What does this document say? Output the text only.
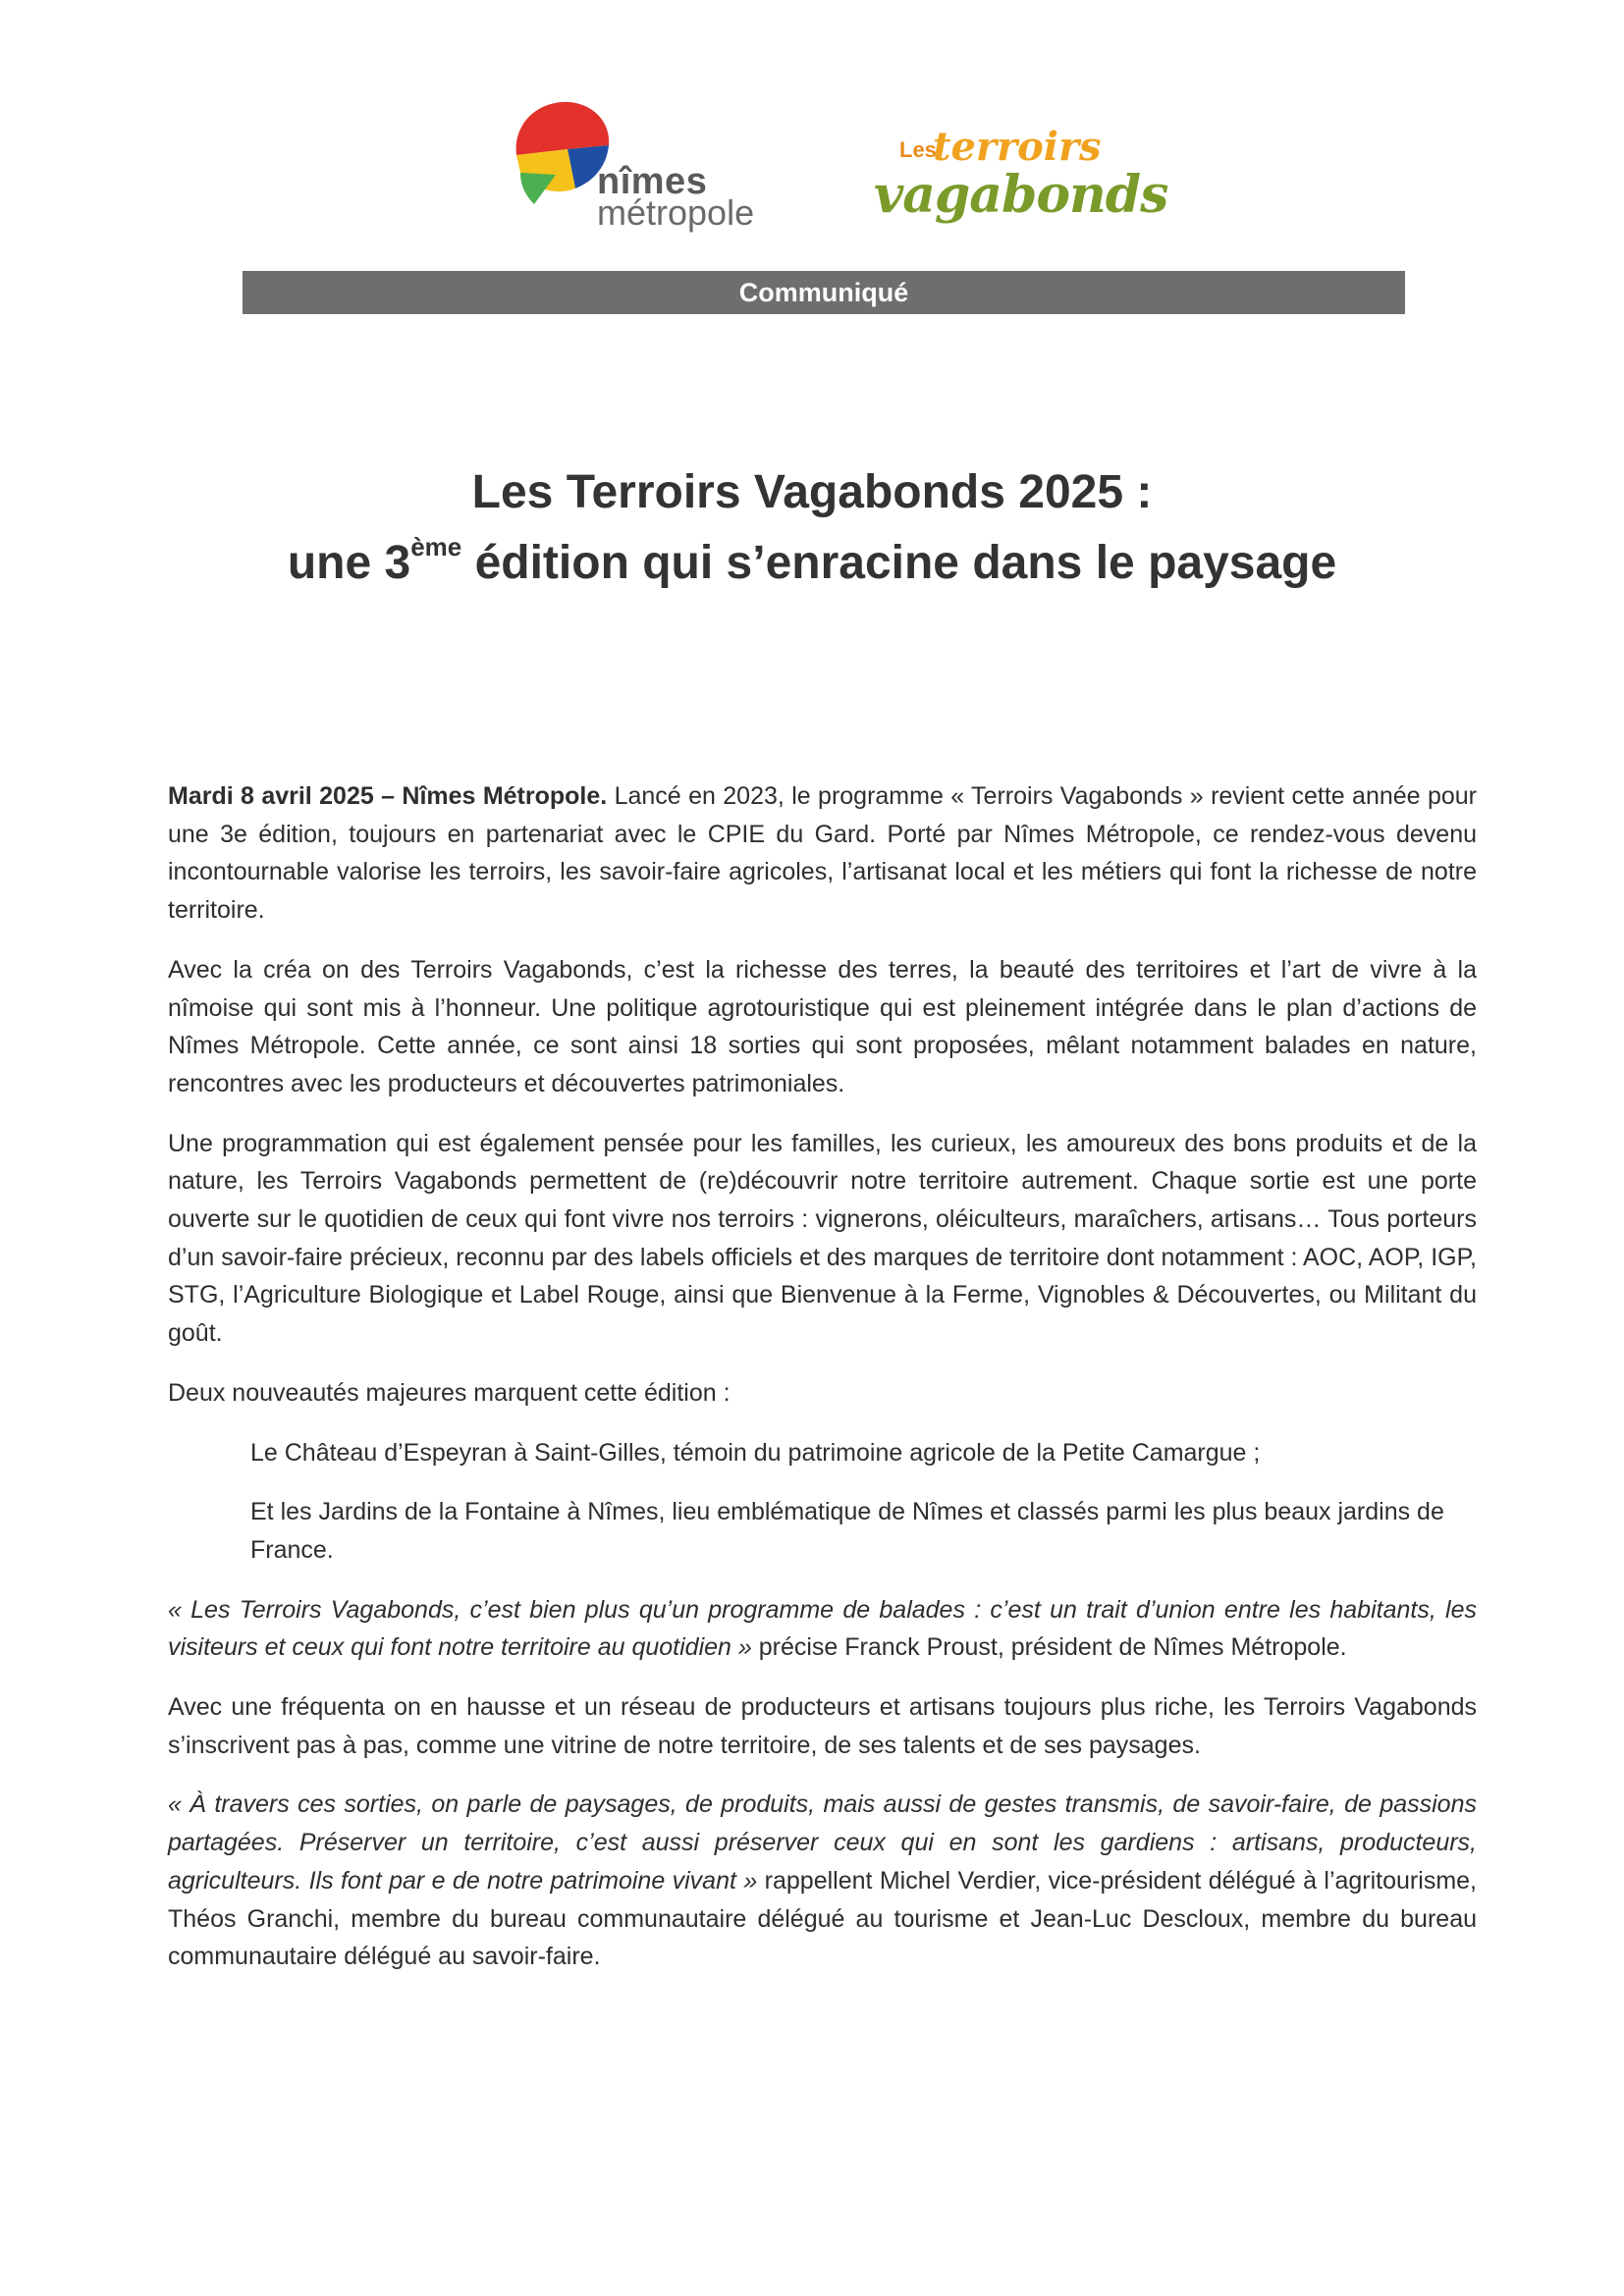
nîmes
métropole
Les
terroirs
vagabonds
Communiqué
Les Terroirs Vagabonds 2025 :
une 3ème édition qui s’enracine dans le paysage

Mardi 8 avril 2025 – Nîmes Métropole. Lancé en 2023, le programme « Terroirs Vagabonds » revient cette année pour une 3e édition, toujours en partenariat avec le CPIE du Gard. Porté par Nîmes Métropole, ce rendez-vous devenu incontournable valorise les terroirs, les savoir-faire agricoles, l’artisanat local et les métiers qui font la richesse de notre territoire.

Avec la créa on des Terroirs Vagabonds, c’est la richesse des terres, la beauté des territoires et l’art de vivre à la nîmoise qui sont mis à l’honneur. Une politique agrotouristique qui est pleinement intégrée dans le plan d’actions de Nîmes Métropole. Cette année, ce sont ainsi 18 sorties qui sont proposées, mêlant notamment balades en nature, rencontres avec les producteurs et découvertes patrimoniales.

Une programmation qui est également pensée pour les familles, les curieux, les amoureux des bons produits et de la nature, les Terroirs Vagabonds permettent de (re)découvrir notre territoire autrement. Chaque sortie est une porte ouverte sur le quotidien de ceux qui font vivre nos terroirs : vignerons, oléiculteurs, maraîchers, artisans… Tous porteurs d’un savoir-faire précieux, reconnu par des labels officiels et des marques de territoire dont notamment : AOC, AOP, IGP, STG, l’Agriculture Biologique et Label Rouge, ainsi que Bienvenue à la Ferme, Vignobles & Découvertes, ou Militant du goût.

Deux nouveautés majeures marquent cette édition :

Le Château d’Espeyran à Saint-Gilles, témoin du patrimoine agricole de la Petite Camargue ;

Et les Jardins de la Fontaine à Nîmes, lieu emblématique de Nîmes et classés parmi les plus beaux jardins de France.

« Les Terroirs Vagabonds, c’est bien plus qu’un programme de balades : c’est un trait d’union entre les habitants, les visiteurs et ceux qui font notre territoire au quotidien » précise Franck Proust, président de Nîmes Métropole.

Avec une fréquenta on en hausse et un réseau de producteurs et artisans toujours plus riche, les Terroirs Vagabonds s’inscrivent pas à pas, comme une vitrine de notre territoire, de ses talents et de ses paysages.

« À travers ces sorties, on parle de paysages, de produits, mais aussi de gestes transmis, de savoir-faire, de passions partagées. Préserver un territoire, c’est aussi préserver ceux qui en sont les gardiens : artisans, producteurs, agriculteurs. Ils font par e de notre patrimoine vivant » rappellent Michel Verdier, vice-président délégué à l’agritourisme, Théos Granchi, membre du bureau communautaire délégué au tourisme et Jean-Luc Descloux, membre du bureau communautaire délégué au savoir-faire.
